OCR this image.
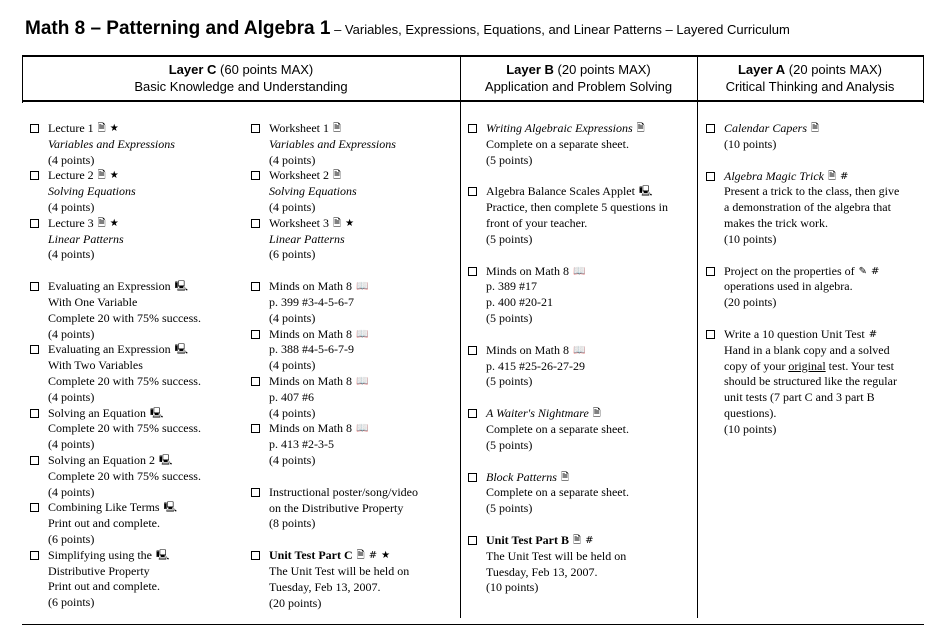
Math 8 – Patterning and Algebra 1 – Variables, Expressions, Equations, and Linear Patterns – Layered Curriculum
Layer C (60 points MAX)
Basic Knowledge and Understanding
Layer B (20 points MAX)
Application and Problem Solving
Layer A (20 points MAX)
Critical Thinking and Analysis
Lecture 1 🗎 ★
Variables and Expressions
(4 points)
Lecture 2 🗎 ★
Solving Equations
(4 points)
Lecture 3 🗎 ★
Linear Patterns
(4 points)
Evaluating an Expression 🖳
With One Variable
Complete 20 with 75% success.
(4 points)
Evaluating an Expression 🖳
With Two Variables
Complete 20 with 75% success.
(4 points)
Solving an Equation 🖳
Complete 20 with 75% success.
(4 points)
Solving an Equation 2 🖳
Complete 20 with 75% success.
(4 points)
Combining Like Terms 🖳
Print out and complete.
(6 points)
Simplifying using the 🖳
Distributive Property
Print out and complete.
(6 points)
Worksheet 1 🗎
Variables and Expressions
(4 points)
Worksheet 2 🗎
Solving Equations
(4 points)
Worksheet 3 🗎 ★
Linear Patterns
(6 points)
Minds on Math 8 📖
p. 399 #3-4-5-6-7
(4 points)
Minds on Math 8 📖
p. 388 #4-5-6-7-9
(4 points)
Minds on Math 8 📖
p. 407 #6
(4 points)
Minds on Math 8 📖
p. 413 #2-3-5
(4 points)
Instructional poster/song/video
on the Distributive Property
(8 points)
Unit Test Part C 🗎 # ★
The Unit Test will be held on
Tuesday, Feb 13, 2007.
(20 points)
Writing Algebraic Expressions 🗎
Complete on a separate sheet.
(5 points)
Algebra Balance Scales Applet 🖳
Practice, then complete 5 questions in
front of your teacher.
(5 points)
Minds on Math 8 📖
p. 389 #17
p. 400 #20-21
(5 points)
Minds on Math 8 📖
p. 415 #25-26-27-29
(5 points)
A Waiter's Nightmare 🗎
Complete on a separate sheet.
(5 points)
Block Patterns 🗎
Complete on a separate sheet.
(5 points)
Unit Test Part B 🗎 #
The Unit Test will be held on
Tuesday, Feb 13, 2007.
(10 points)
Calendar Capers 🗎
(10 points)
Algebra Magic Trick 🗎 #
Present a trick to the class, then give
a demonstration of the algebra that
makes the trick work.
(10 points)
Project on the properties of ✎ #
operations used in algebra.
(20 points)
Write a 10 question Unit Test #
Hand in a blank copy and a solved
copy of your original test. Your test
should be structured like the regular
unit tests (7 part C and 3 part B
questions).
(10 points)
